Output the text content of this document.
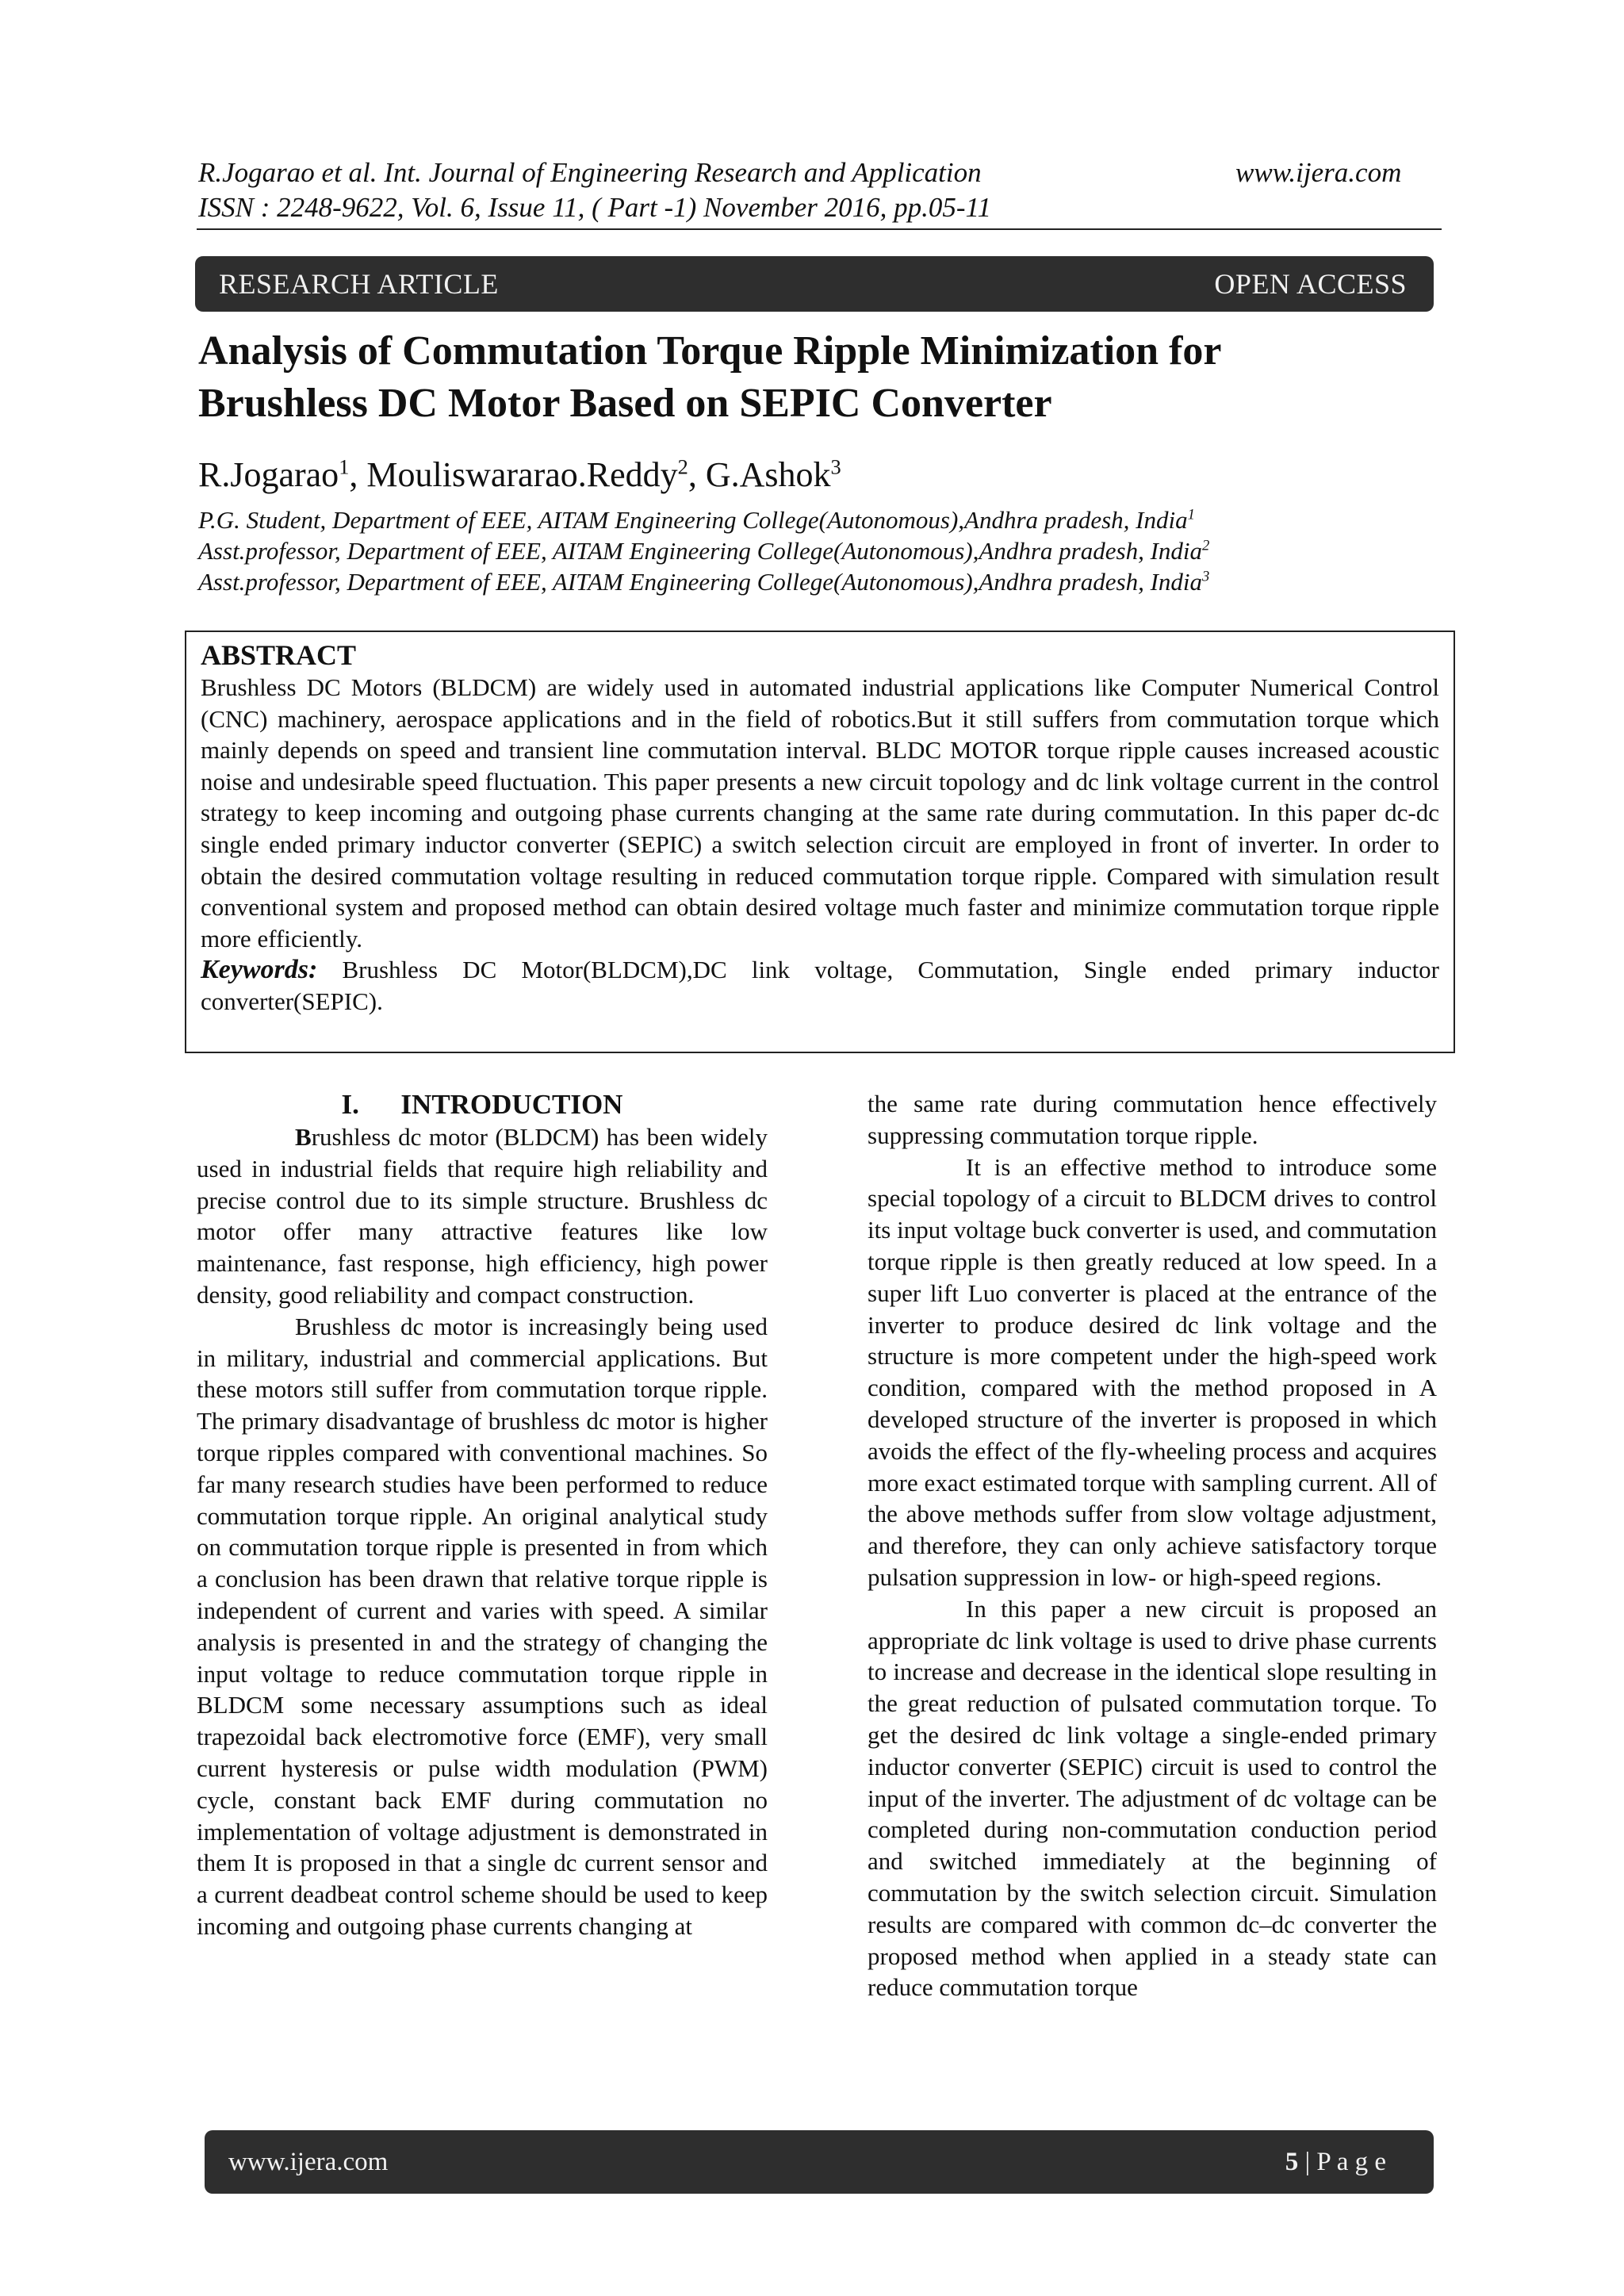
R.Jogarao et al. Int. Journal of Engineering Research and Application	www.ijera.com
ISSN : 2248-9622, Vol. 6, Issue 11, ( Part -1) November 2016, pp.05-11
RESEARCH ARTICLE	OPEN ACCESS
Analysis of Commutation Torque Ripple Minimization for
Brushless DC Motor Based on SEPIC Converter
R.Jogarao$^1$, Mouliswararao.Reddy$^2$, G.Ashok$^3$
P.G. Student, Department of EEE, AITAM Engineering College(Autonomous),Andhra pradesh, India$^1$
Asst.professor, Department of EEE, AITAM Engineering College(Autonomous),Andhra pradesh, India$^2$
Asst.professor, Department of EEE, AITAM Engineering College(Autonomous),Andhra pradesh, India$^3$
ABSTRACT
Brushless DC Motors (BLDCM) are widely used in automated industrial applications like Computer Numerical Control (CNC) machinery, aerospace applications and in the field of robotics.But it still suffers from commutation torque which mainly depends on speed and transient line commutation interval. BLDC MOTOR torque ripple causes increased acoustic noise and undesirable speed fluctuation. This paper presents a new circuit topology and dc link voltage current in the control strategy to keep incoming and outgoing phase currents changing at the same rate during commutation. In this paper dc-dc single ended primary inductor converter (SEPIC) a switch selection circuit are employed in front of inverter. In order to obtain the desired commutation voltage resulting in reduced commutation torque ripple. Compared with simulation result conventional system and proposed method can obtain desired voltage much faster and minimize commutation torque ripple more efficiently.
Keywords: Brushless DC Motor(BLDCM),DC link voltage, Commutation, Single ended primary inductor converter(SEPIC).
I.      INTRODUCTION

Brushless dc motor (BLDCM) has been widely used in industrial fields that require high reliability and precise control due to its simple structure. Brushless dc motor offer many attractive features like low maintenance, fast response, high efficiency, high power density, good reliability and compact construction.

Brushless dc motor is increasingly being used in military, industrial and commercial applications. But these motors still suffer from commutation torque ripple. The primary disadvantage of brushless dc motor is higher torque ripples compared with conventional machines. So far many research studies have been performed to reduce commutation torque ripple. An original analytical study on commutation torque ripple is presented in from which a conclusion has been drawn that relative torque ripple is independent of current and varies with speed. A similar analysis is presented in and the strategy of changing the input voltage to reduce commutation torque ripple in BLDCM some necessary assumptions such as ideal trapezoidal back electromotive force (EMF), very small current hysteresis or pulse width modulation (PWM) cycle, constant back EMF during commutation no implementation of voltage adjustment is demonstrated in them It is proposed in that a single dc current sensor and a current deadbeat control scheme should be used to keep incoming and outgoing phase currents changing at

the same rate during commutation hence effectively suppressing commutation torque ripple.

It is an effective method to introduce some special topology of a circuit to BLDCM drives to control its input voltage buck converter is used, and commutation torque ripple is then greatly reduced at low speed. In a super lift Luo converter is placed at the entrance of the inverter to produce desired dc link voltage and the structure is more competent under the high-speed work condition, compared with the method proposed in A developed structure of the inverter is proposed in which avoids the effect of the fly-wheeling process and acquires more exact estimated torque with sampling current. All of the above methods suffer from slow voltage adjustment, and therefore, they can only achieve satisfactory torque pulsation suppression in low- or high-speed regions.

In this paper a new circuit is proposed an appropriate dc link voltage is used to drive phase currents to increase and decrease in the identical slope resulting in the great reduction of pulsated commutation torque. To get the desired dc link voltage a single-ended primary inductor converter (SEPIC) circuit is used to control the input of the inverter. The adjustment of dc voltage can be completed during non-commutation conduction period and switched immediately at the beginning of commutation by the switch selection circuit. Simulation results are compared with common dc–dc converter the proposed method when applied in a steady state can reduce commutation torque

www.ijera.com	5 | P a g e
